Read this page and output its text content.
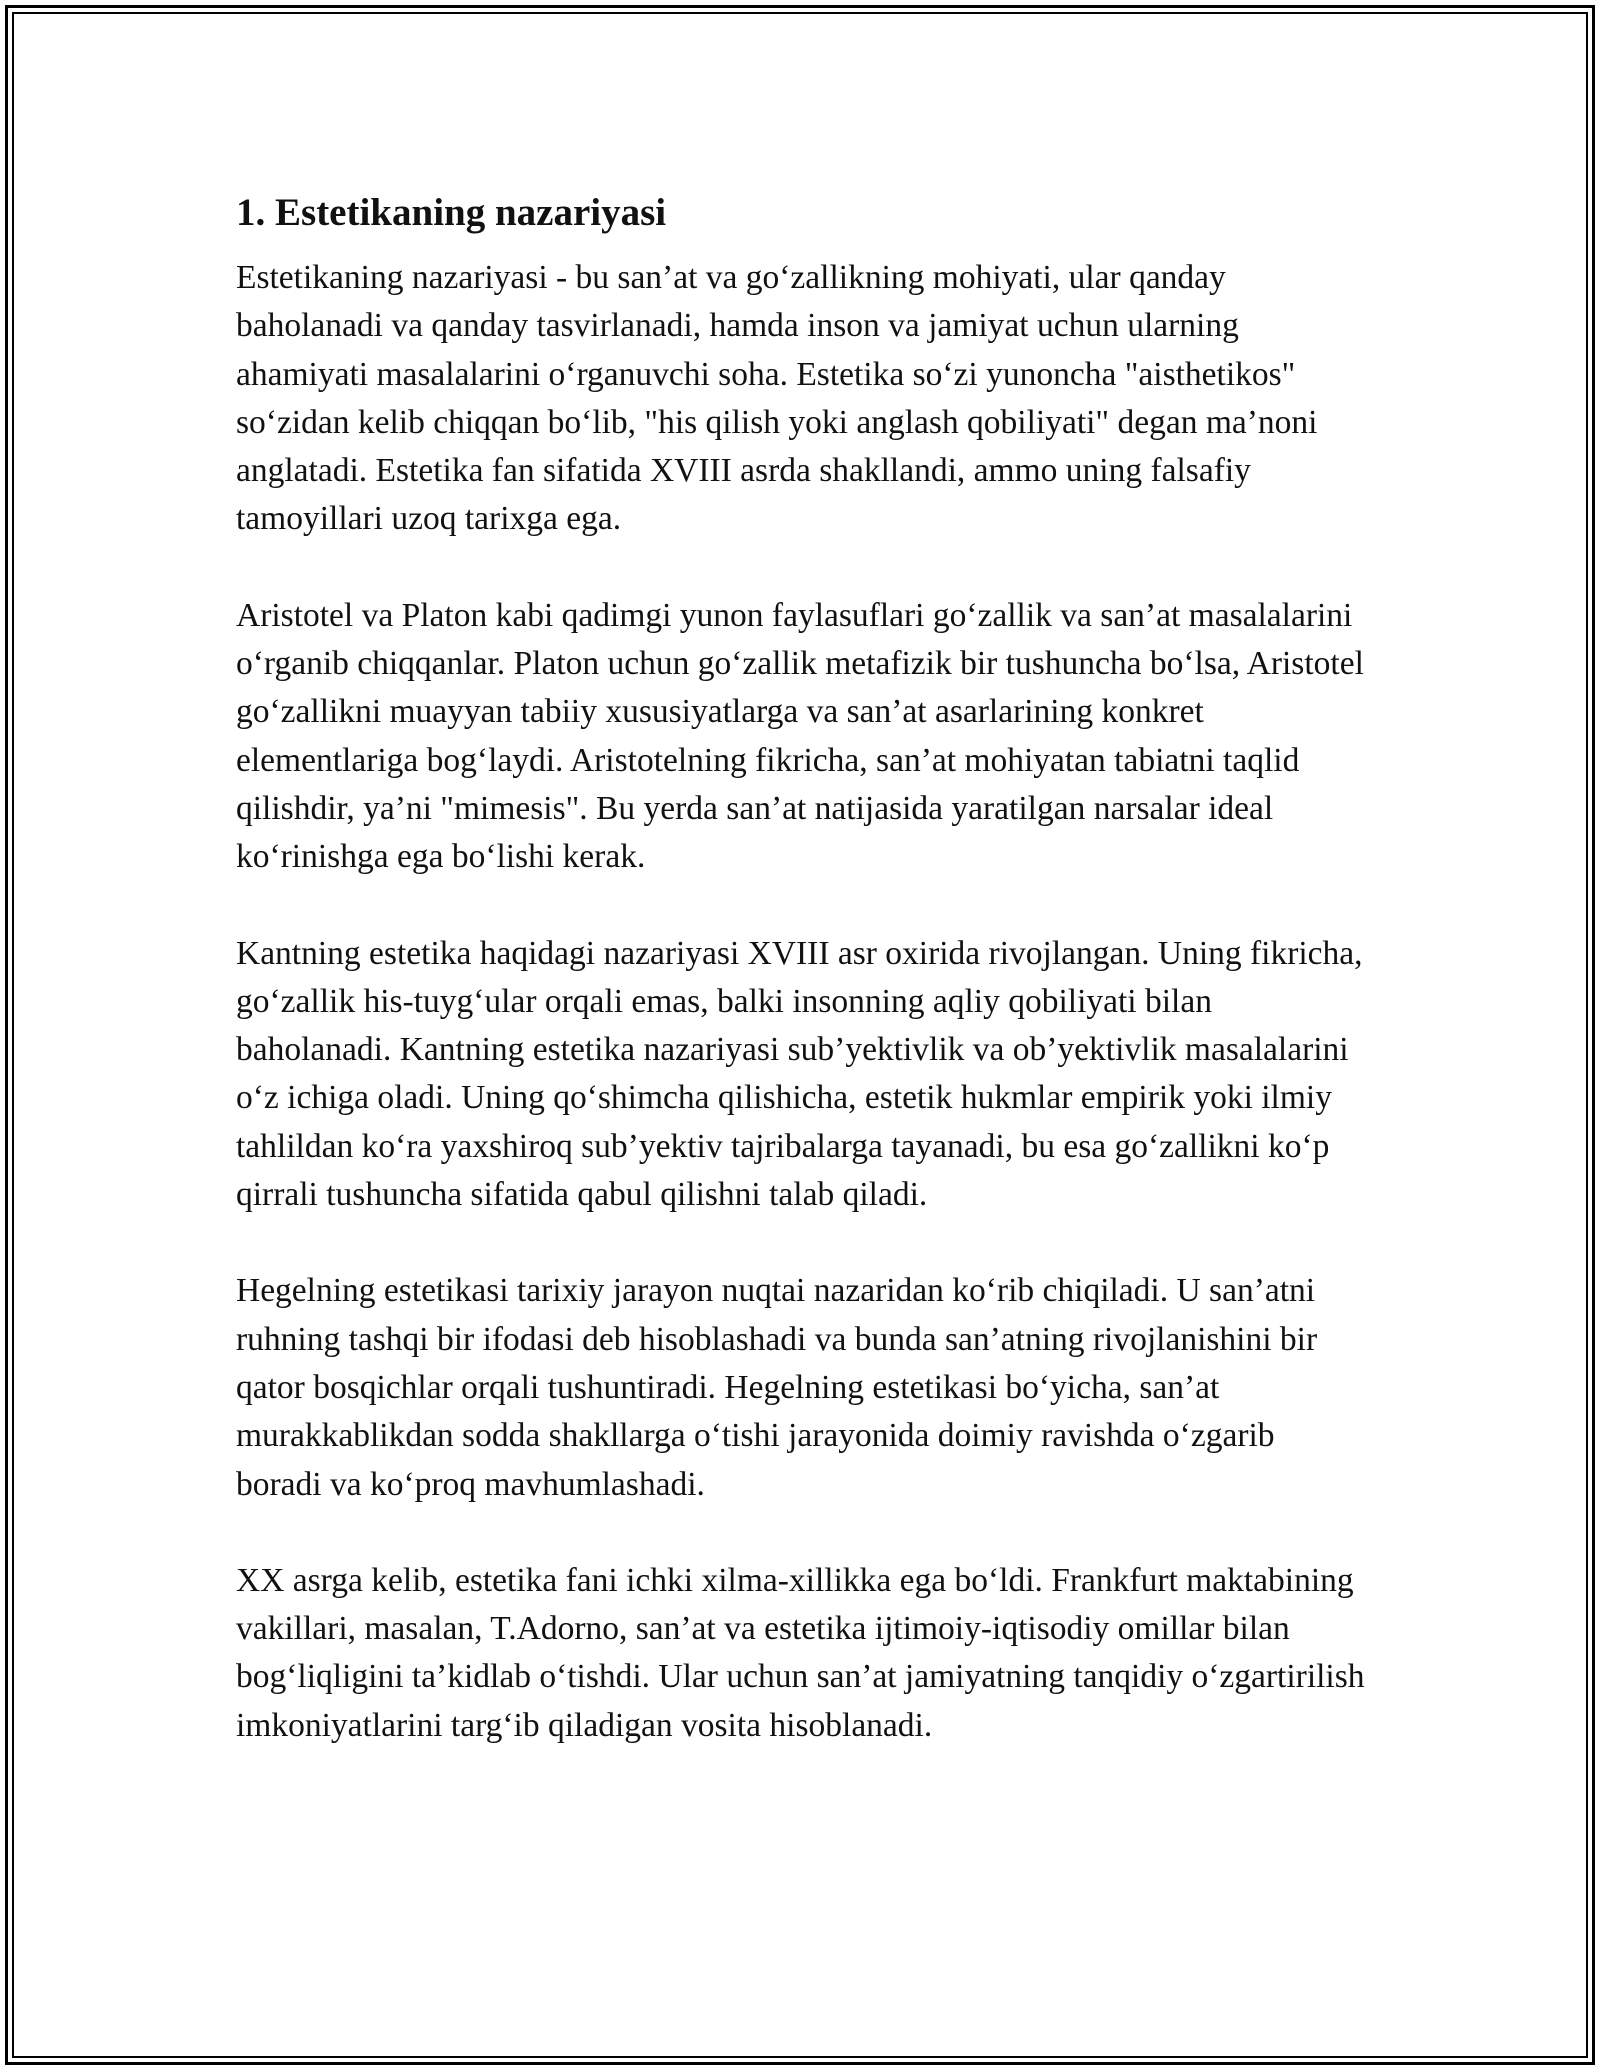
1. Estetikaning nazariyasi

Estetikaning nazariyasi - bu san’at va go‘zallikning mohiyati, ular qanday baholanadi va qanday tasvirlanadi, hamda inson va jamiyat uchun ularning ahamiyati masalalarini o‘rganuvchi soha. Estetika so‘zi yunoncha "aisthetikos" so‘zidan kelib chiqqan bo‘lib, "his qilish yoki anglash qobiliyati" degan ma’noni anglatadi. Estetika fan sifatida XVIII asrda shakllandi, ammo uning falsafiy tamoyillari uzoq tarixga ega.

Aristotel va Platon kabi qadimgi yunon faylasuflari go‘zallik va san’at masalalarini o‘rganib chiqqanlar. Platon uchun go‘zallik metafizik bir tushuncha bo‘lsa, Aristotel go‘zallikni muayyan tabiiy xususiyatlarga va san’at asarlarining konkret elementlariga bog‘laydi. Aristotelning fikricha, san’at mohiyatan tabiatni taqlid qilishdir, ya’ni "mimesis". Bu yerda san’at natijasida yaratilgan narsalar ideal ko‘rinishga ega bo‘lishi kerak.

Kantning estetika haqidagi nazariyasi XVIII asr oxirida rivojlangan. Uning fikricha, go‘zallik his-tuyg‘ular orqali emas, balki insonning aqliy qobiliyati bilan baholanadi. Kantning estetika nazariyasi sub’yektivlik va ob’yektivlik masalalarini o‘z ichiga oladi. Uning qo‘shimcha qilishicha, estetik hukmlar empirik yoki ilmiy tahlildan ko‘ra yaxshiroq sub’yektiv tajribalarga tayanadi, bu esa go‘zallikni ko‘p qirrali tushuncha sifatida qabul qilishni talab qiladi.

Hegelning estetikasi tarixiy jarayon nuqtai nazaridan ko‘rib chiqiladi. U san’atni ruhning tashqi bir ifodasi deb hisoblashadi va bunda san’atning rivojlanishini bir qator bosqichlar orqali tushuntiradi. Hegelning estetikasi bo‘yicha, san’at murakkablikdan sodda shakllarga o‘tishi jarayonida doimiy ravishda o‘zgarib boradi va ko‘proq mavhumlashadi.

XX asrga kelib, estetika fani ichki xilma-xillikka ega bo‘ldi. Frankfurt maktabining vakillari, masalan, T.Adorno, san’at va estetika ijtimoiy-iqtisodiy omillar bilan bog‘liqligini ta’kidlab o‘tishdi. Ular uchun san’at jamiyatning tanqidiy o‘zgartirilish imkoniyatlarini targ‘ib qiladigan vosita hisoblanadi.
